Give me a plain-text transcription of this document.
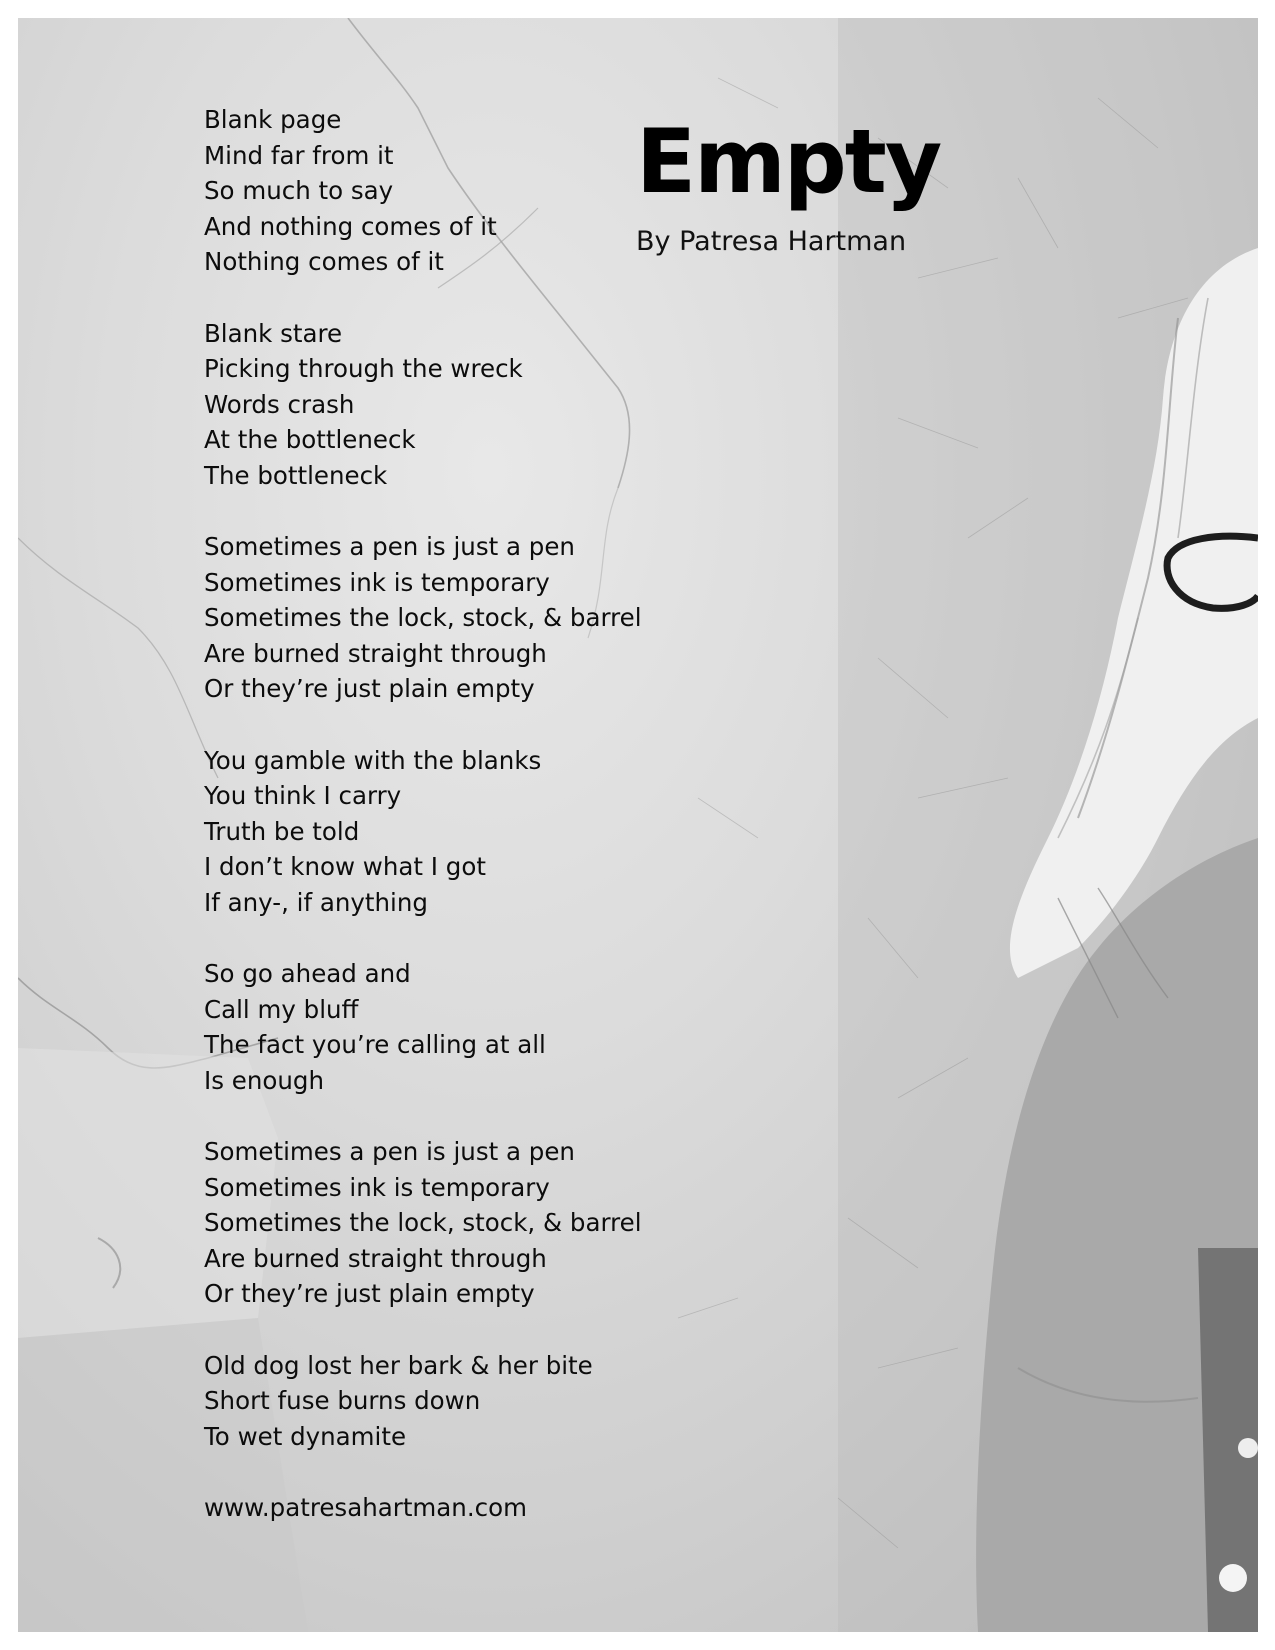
Empty
By Patresa Hartman
Blank page
Mind far from it
So much to say
And nothing comes of it
Nothing comes of it
Blank stare
Picking through the wreck
Words crash
At the bottleneck
The bottleneck
Sometimes a pen is just a pen
Sometimes ink is temporary
Sometimes the lock, stock, & barrel
Are burned straight through
Or they’re just plain empty
You gamble with the blanks
You think I carry
Truth be told
I don’t know what I got
If any-, if anything
So go ahead and
Call my bluff
The fact you’re calling at all
Is enough
Sometimes a pen is just a pen
Sometimes ink is temporary
Sometimes the lock, stock, & barrel
Are burned straight through
Or they’re just plain empty
Old dog lost her bark & her bite
Short fuse burns down
To wet dynamite
www.patresahartman.com
